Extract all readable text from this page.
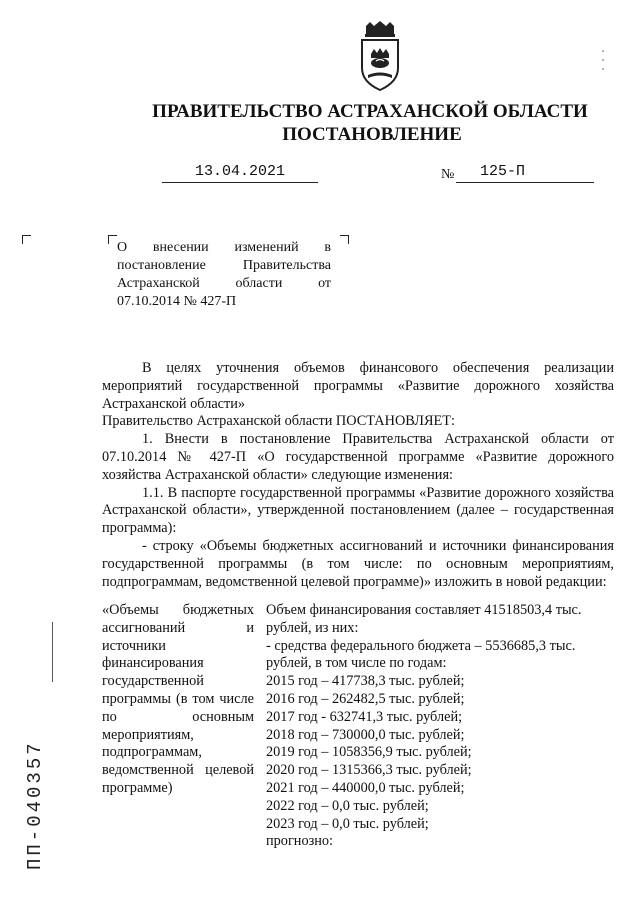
ПРАВИТЕЛЬСТВО АСТРАХАНСКОЙ ОБЛАСТИ
ПОСТАНОВЛЕНИЕ
13.04.2021	№	125-П
О внесении изменений в
постановление Правительства
Астраханской области от
07.10.2014 № 427-П
В целях уточнения объемов финансового обеспечения реализации мероприятий государственной программы «Развитие дорожного хозяйства Астраханской области»
Правительство Астраханской области ПОСТАНОВЛЯЕТ:
1. Внести в постановление Правительства Астраханской области от 07.10.2014 № 427-П «О государственной программе «Развитие дорожного хозяйства Астраханской области» следующие изменения:
1.1. В паспорте государственной программы «Развитие дорожного хозяйства Астраханской области», утвержденной постановлением (далее – государственная программа):
- строку «Объемы бюджетных ассигнований и источники финансирования государственной программы (в том числе: по основным мероприятиям, подпрограммам, ведомственной целевой программе)» изложить в новой редакции:
«Объемы бюджетных ассигнований и источники финансирования государственной программы (в том числе по основным мероприятиям, подпрограммам, ведомственной целевой программе)
Объем финансирования составляет 41518503,4 тыс.
рублей, из них:
- средства федерального бюджета – 5536685,3 тыс.
рублей, в том числе по годам:
2015 год – 417738,3 тыс. рублей;
2016 год – 262482,5 тыс. рублей;
2017 год - 632741,3 тыс. рублей;
2018 год – 730000,0 тыс. рублей;
2019 год – 1058356,9 тыс. рублей;
2020 год – 1315366,3 тыс. рублей;
2021 год – 440000,0 тыс. рублей;
2022 год – 0,0 тыс. рублей;
2023 год – 0,0 тыс. рублей;
прогнозно:
ПП-040357
